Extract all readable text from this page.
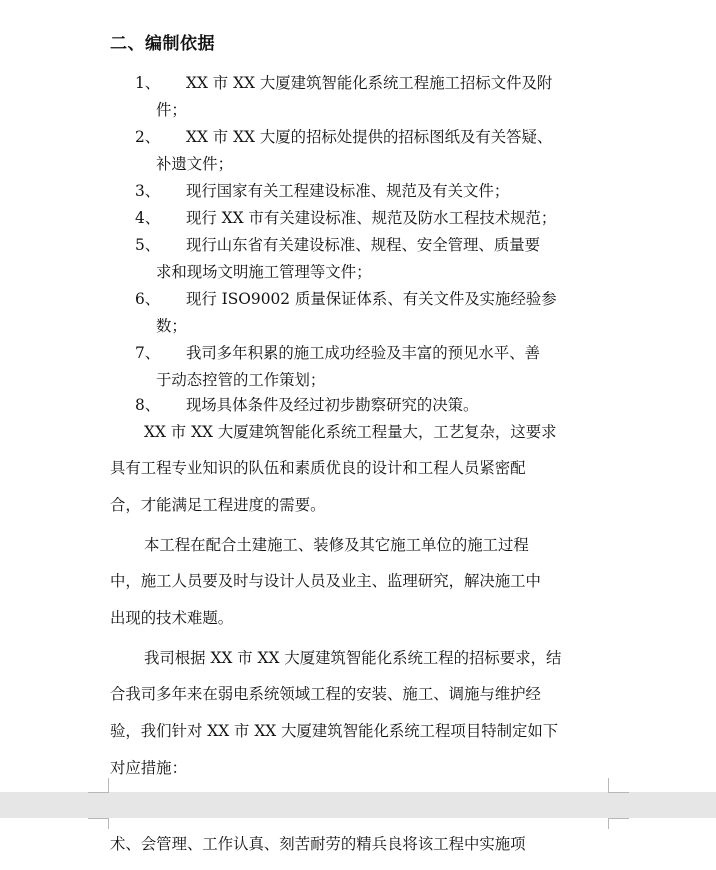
二、编制依据
1、 XX 市 XX 大厦建筑智能化系统工程施工招标文件及附
件；
2、 XX 市 XX 大厦的招标处提供的招标图纸及有关答疑、
补遗文件；
3、 现行国家有关工程建设标准、规范及有关文件；
4、 现行 XX 市有关建设标准、规范及防水工程技术规范；
5、 现行山东省有关建设标准、规程、安全管理、质量要
求和现场文明施工管理等文件；
6、 现行 ISO9002 质量保证体系、有关文件及实施经验参
数；
7、 我司多年积累的施工成功经验及丰富的预见水平、善
于动态控管的工作策划；
8、 现场具体条件及经过初步勘察研究的决策。
XX 市 XX 大厦建筑智能化系统工程量大，工艺复杂，这要求
具有工程专业知识的队伍和素质优良的设计和工程人员紧密配
合，才能满足工程进度的需要。
本工程在配合土建施工、装修及其它施工单位的施工过程
中，施工人员要及时与设计人员及业主、监理研究，解决施工中
出现的技术难题。
我司根据 XX 市 XX 大厦建筑智能化系统工程的招标要求，结
合我司多年来在弱电系统领域工程的安装、施工、调施与维护经
验，我们针对 XX 市 XX 大厦建筑智能化系统工程项目特制定如下
对应措施：
术、会管理、工作认真、刻苦耐劳的精兵良将该工程中实施项
